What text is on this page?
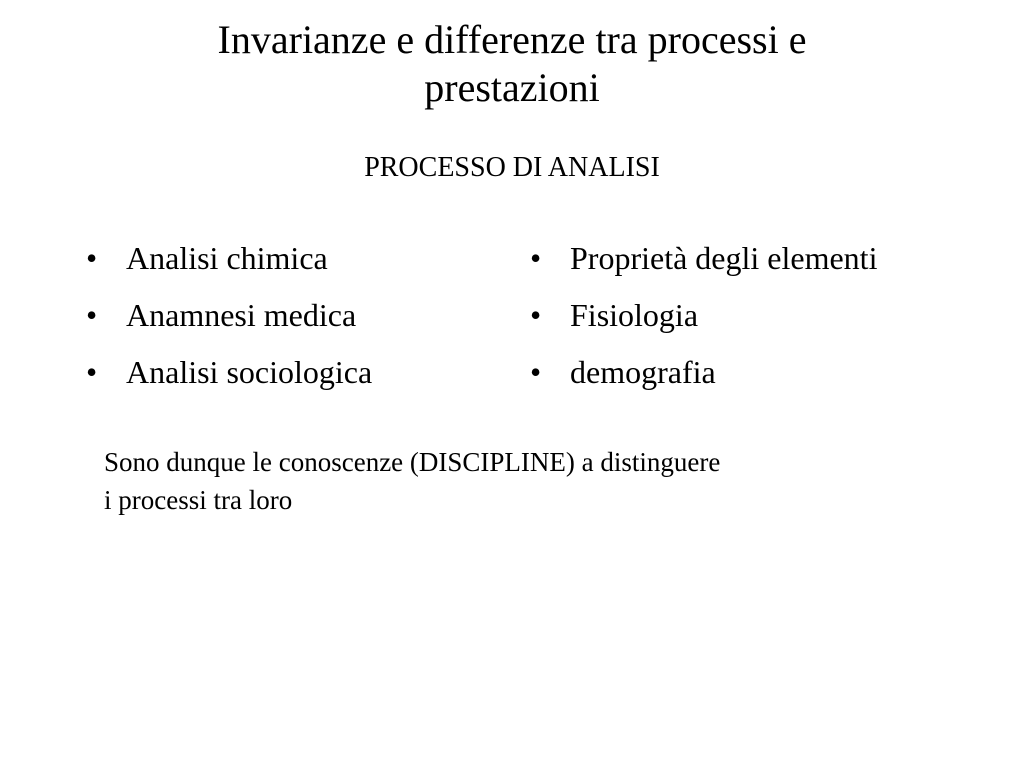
Invarianze e differenze tra processi e
prestazioni

PROCESSO DI ANALISI

• Analisi chimica
• Anamnesi medica
• Analisi sociologica
• Proprietà degli elementi
• Fisiologia
• demografia

Sono dunque le conoscenze (DISCIPLINE) a distinguere
i processi tra loro
